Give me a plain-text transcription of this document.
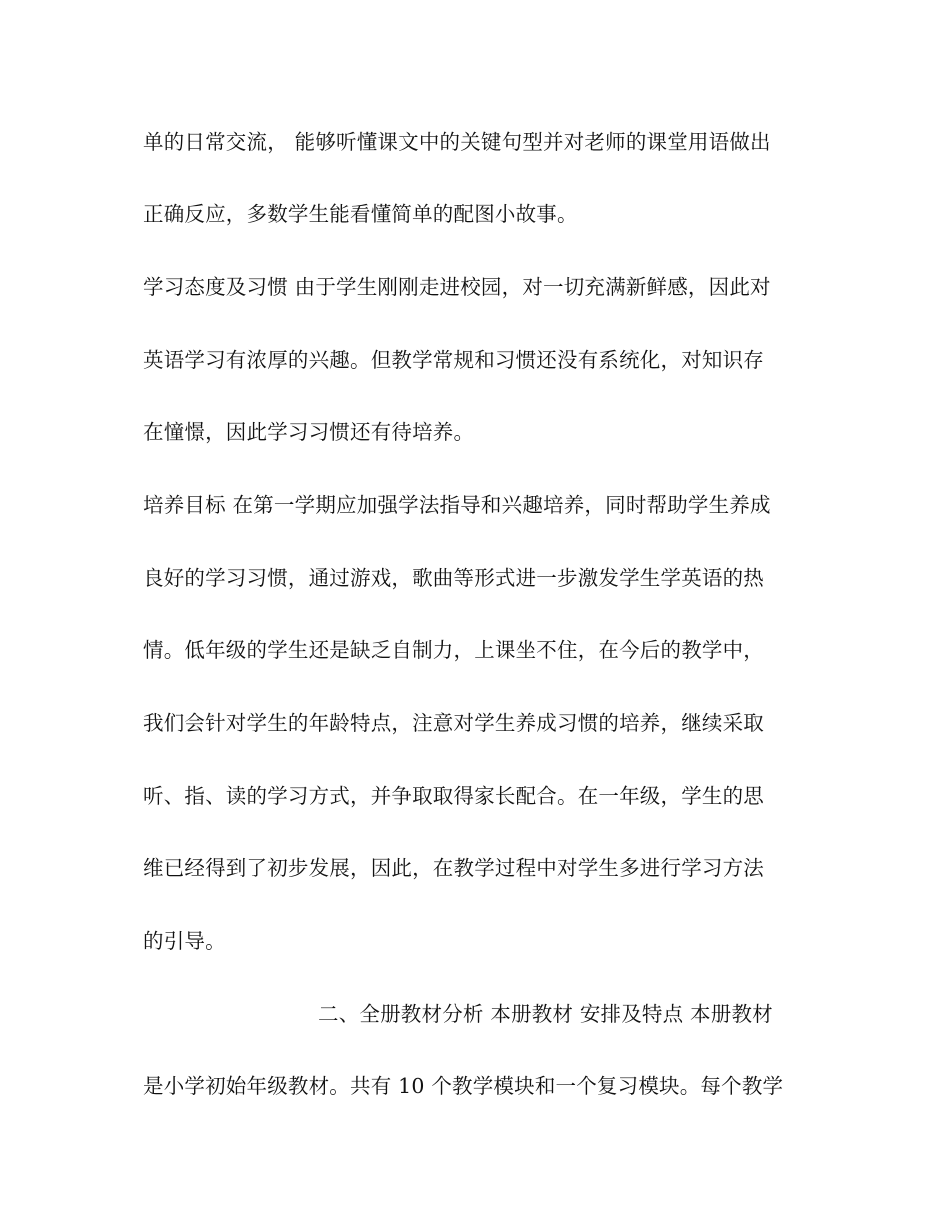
单的日常交流， 能够听懂课文中的关键句型并对老师的课堂用语做出
正确反应，多数学生能看懂简单的配图小故事。
学习态度及习惯 由于学生刚刚走进校园，对一切充满新鲜感，因此对
英语学习有浓厚的兴趣。但教学常规和习惯还没有系统化，对知识存
在憧憬，因此学习习惯还有待培养。
培养目标 在第一学期应加强学法指导和兴趣培养，同时帮助学生养成
良好的学习习惯，通过游戏，歌曲等形式进一步激发学生学英语的热
情。低年级的学生还是缺乏自制力，上课坐不住，在今后的教学中，
我们会针对学生的年龄特点，注意对学生养成习惯的培养，继续采取
听、指、读的学习方式，并争取取得家长配合。在一年级，学生的思
维已经得到了初步发展，因此，在教学过程中对学生多进行学习方法
的引导。
二、全册教材分析 本册教材 安排及特点 本册教材
是小学初始年级教材。共有 10 个教学模块和一个复习模块。每个教学
